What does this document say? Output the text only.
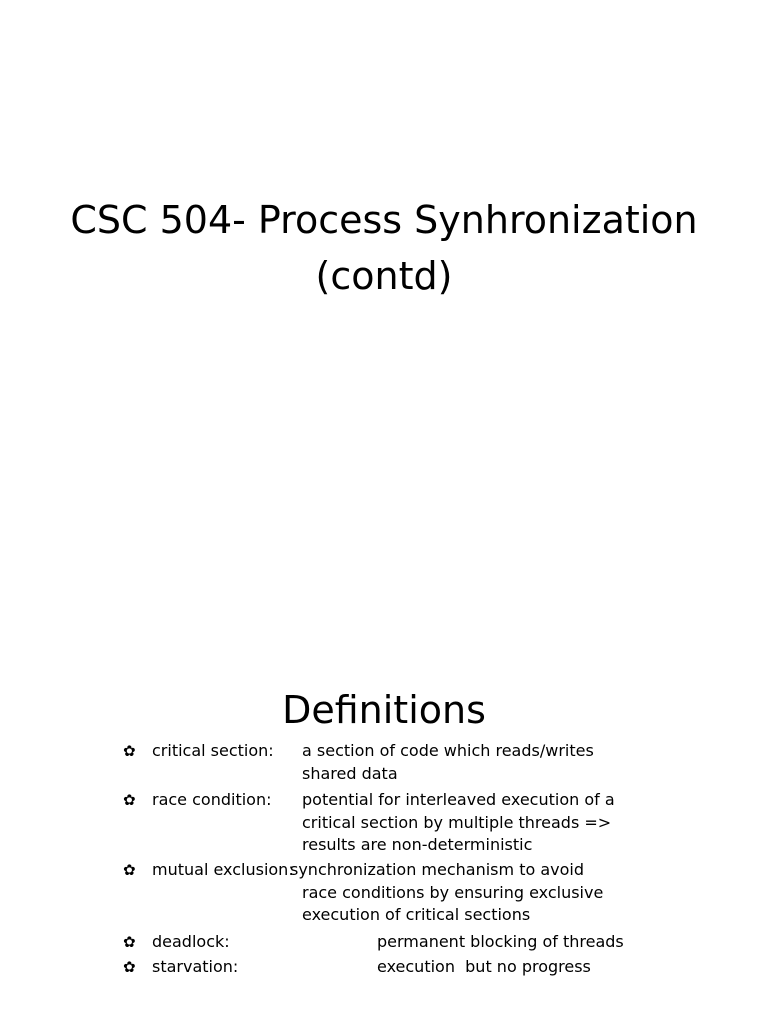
CSC 504- Process Synhronization
(contd)
Definitions
✿ critical section: a section of code which reads/writes
shared data
✿ race condition: potential for interleaved execution of a
critical section by multiple threads =>
results are non-deterministic
✿ mutual exclusion:
synchronization mechanism to avoid
race conditions by ensuring exclusive
execution of critical sections
✿ deadlock:	permanent blocking of threads
✿ starvation:	execution  but no progress
